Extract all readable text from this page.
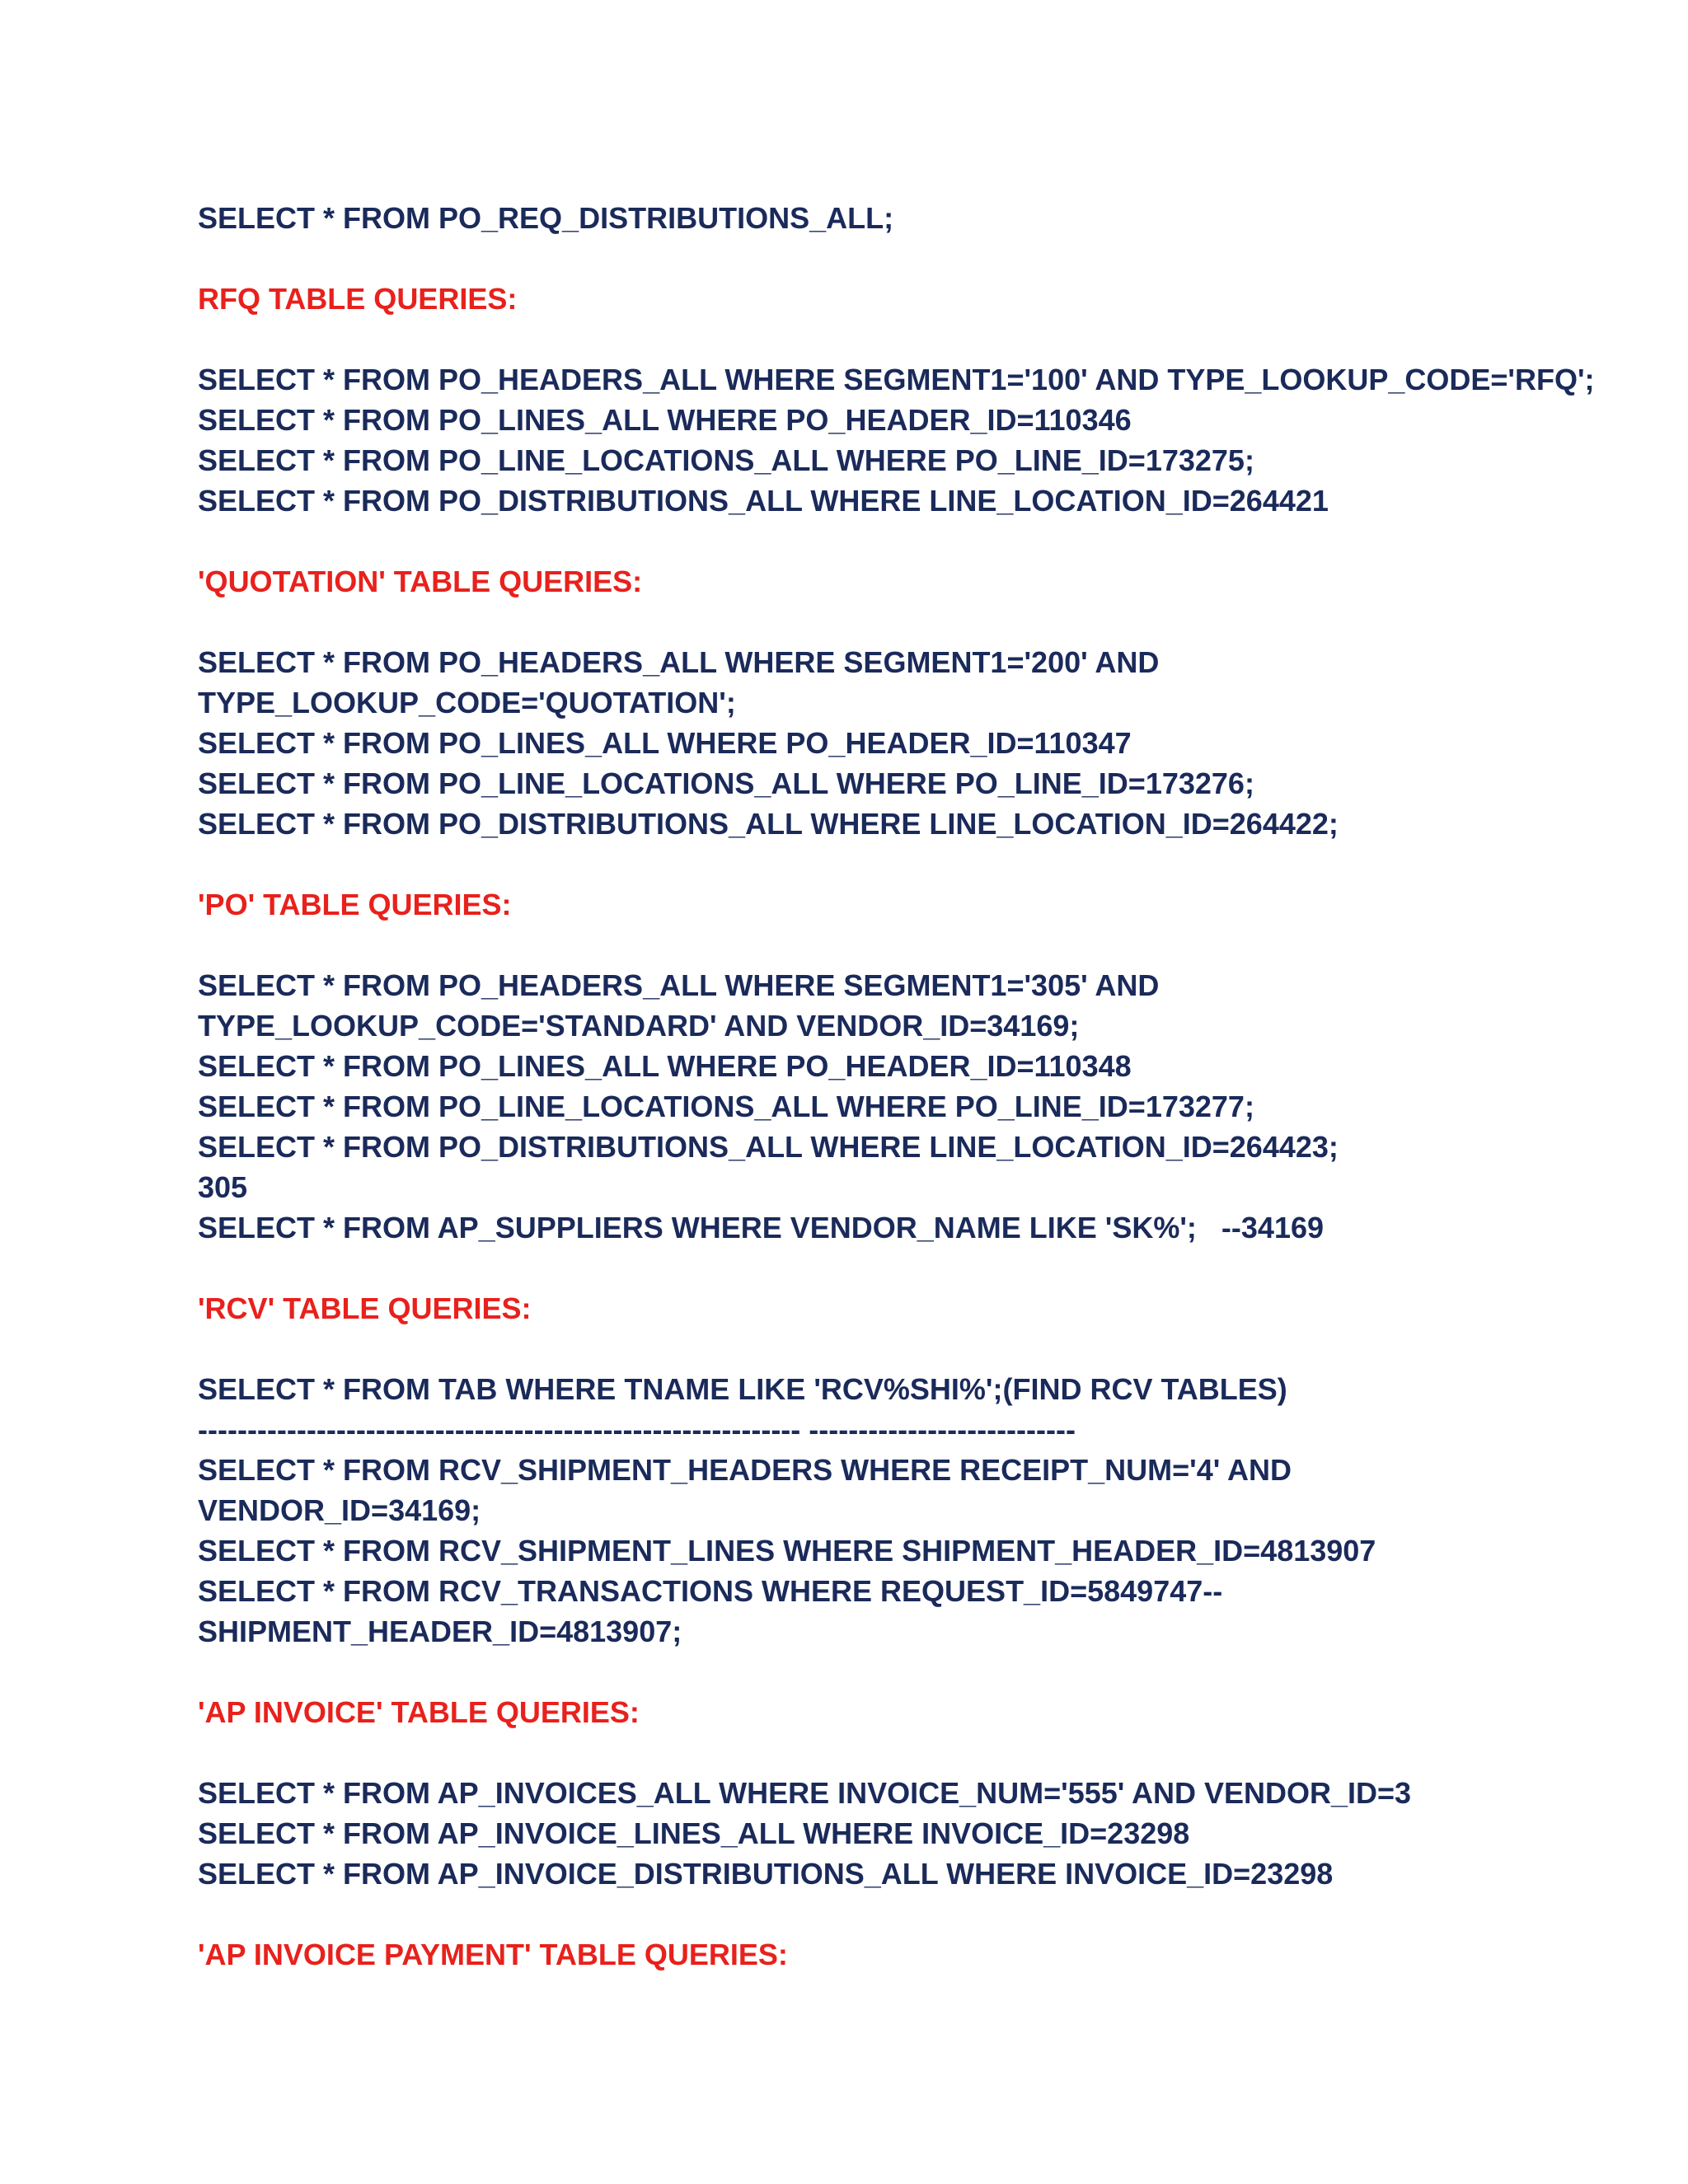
SELECT * FROM PO_REQ_DISTRIBUTIONS_ALL;
RFQ TABLE QUERIES:
SELECT * FROM PO_HEADERS_ALL WHERE SEGMENT1='100' AND TYPE_LOOKUP_CODE='RFQ';
SELECT * FROM PO_LINES_ALL WHERE PO_HEADER_ID=110346
SELECT * FROM PO_LINE_LOCATIONS_ALL WHERE PO_LINE_ID=173275;
SELECT * FROM PO_DISTRIBUTIONS_ALL WHERE LINE_LOCATION_ID=264421
'QUOTATION' TABLE QUERIES:
SELECT * FROM PO_HEADERS_ALL WHERE SEGMENT1='200' AND
TYPE_LOOKUP_CODE='QUOTATION';
SELECT * FROM PO_LINES_ALL WHERE PO_HEADER_ID=110347
SELECT * FROM PO_LINE_LOCATIONS_ALL WHERE PO_LINE_ID=173276;
SELECT * FROM PO_DISTRIBUTIONS_ALL WHERE LINE_LOCATION_ID=264422;
'PO' TABLE QUERIES:
SELECT * FROM PO_HEADERS_ALL WHERE SEGMENT1='305' AND
TYPE_LOOKUP_CODE='STANDARD' AND VENDOR_ID=34169;
SELECT * FROM PO_LINES_ALL WHERE PO_HEADER_ID=110348
SELECT * FROM PO_LINE_LOCATIONS_ALL WHERE PO_LINE_ID=173277;
SELECT * FROM PO_DISTRIBUTIONS_ALL WHERE LINE_LOCATION_ID=264423;
305
SELECT * FROM AP_SUPPLIERS WHERE VENDOR_NAME LIKE 'SK%';   --34169
'RCV' TABLE QUERIES:
SELECT * FROM TAB WHERE TNAME LIKE 'RCV%SHI%';(FIND RCV TABLES)
------------------------------------------------------------- ---------------------------
SELECT * FROM RCV_SHIPMENT_HEADERS WHERE RECEIPT_NUM='4' AND
VENDOR_ID=34169;
SELECT * FROM RCV_SHIPMENT_LINES WHERE SHIPMENT_HEADER_ID=4813907
SELECT * FROM RCV_TRANSACTIONS WHERE REQUEST_ID=5849747--
SHIPMENT_HEADER_ID=4813907;
'AP INVOICE' TABLE QUERIES:
SELECT * FROM AP_INVOICES_ALL WHERE INVOICE_NUM='555' AND VENDOR_ID=3
SELECT * FROM AP_INVOICE_LINES_ALL WHERE INVOICE_ID=23298
SELECT * FROM AP_INVOICE_DISTRIBUTIONS_ALL WHERE INVOICE_ID=23298
'AP INVOICE PAYMENT' TABLE QUERIES:
